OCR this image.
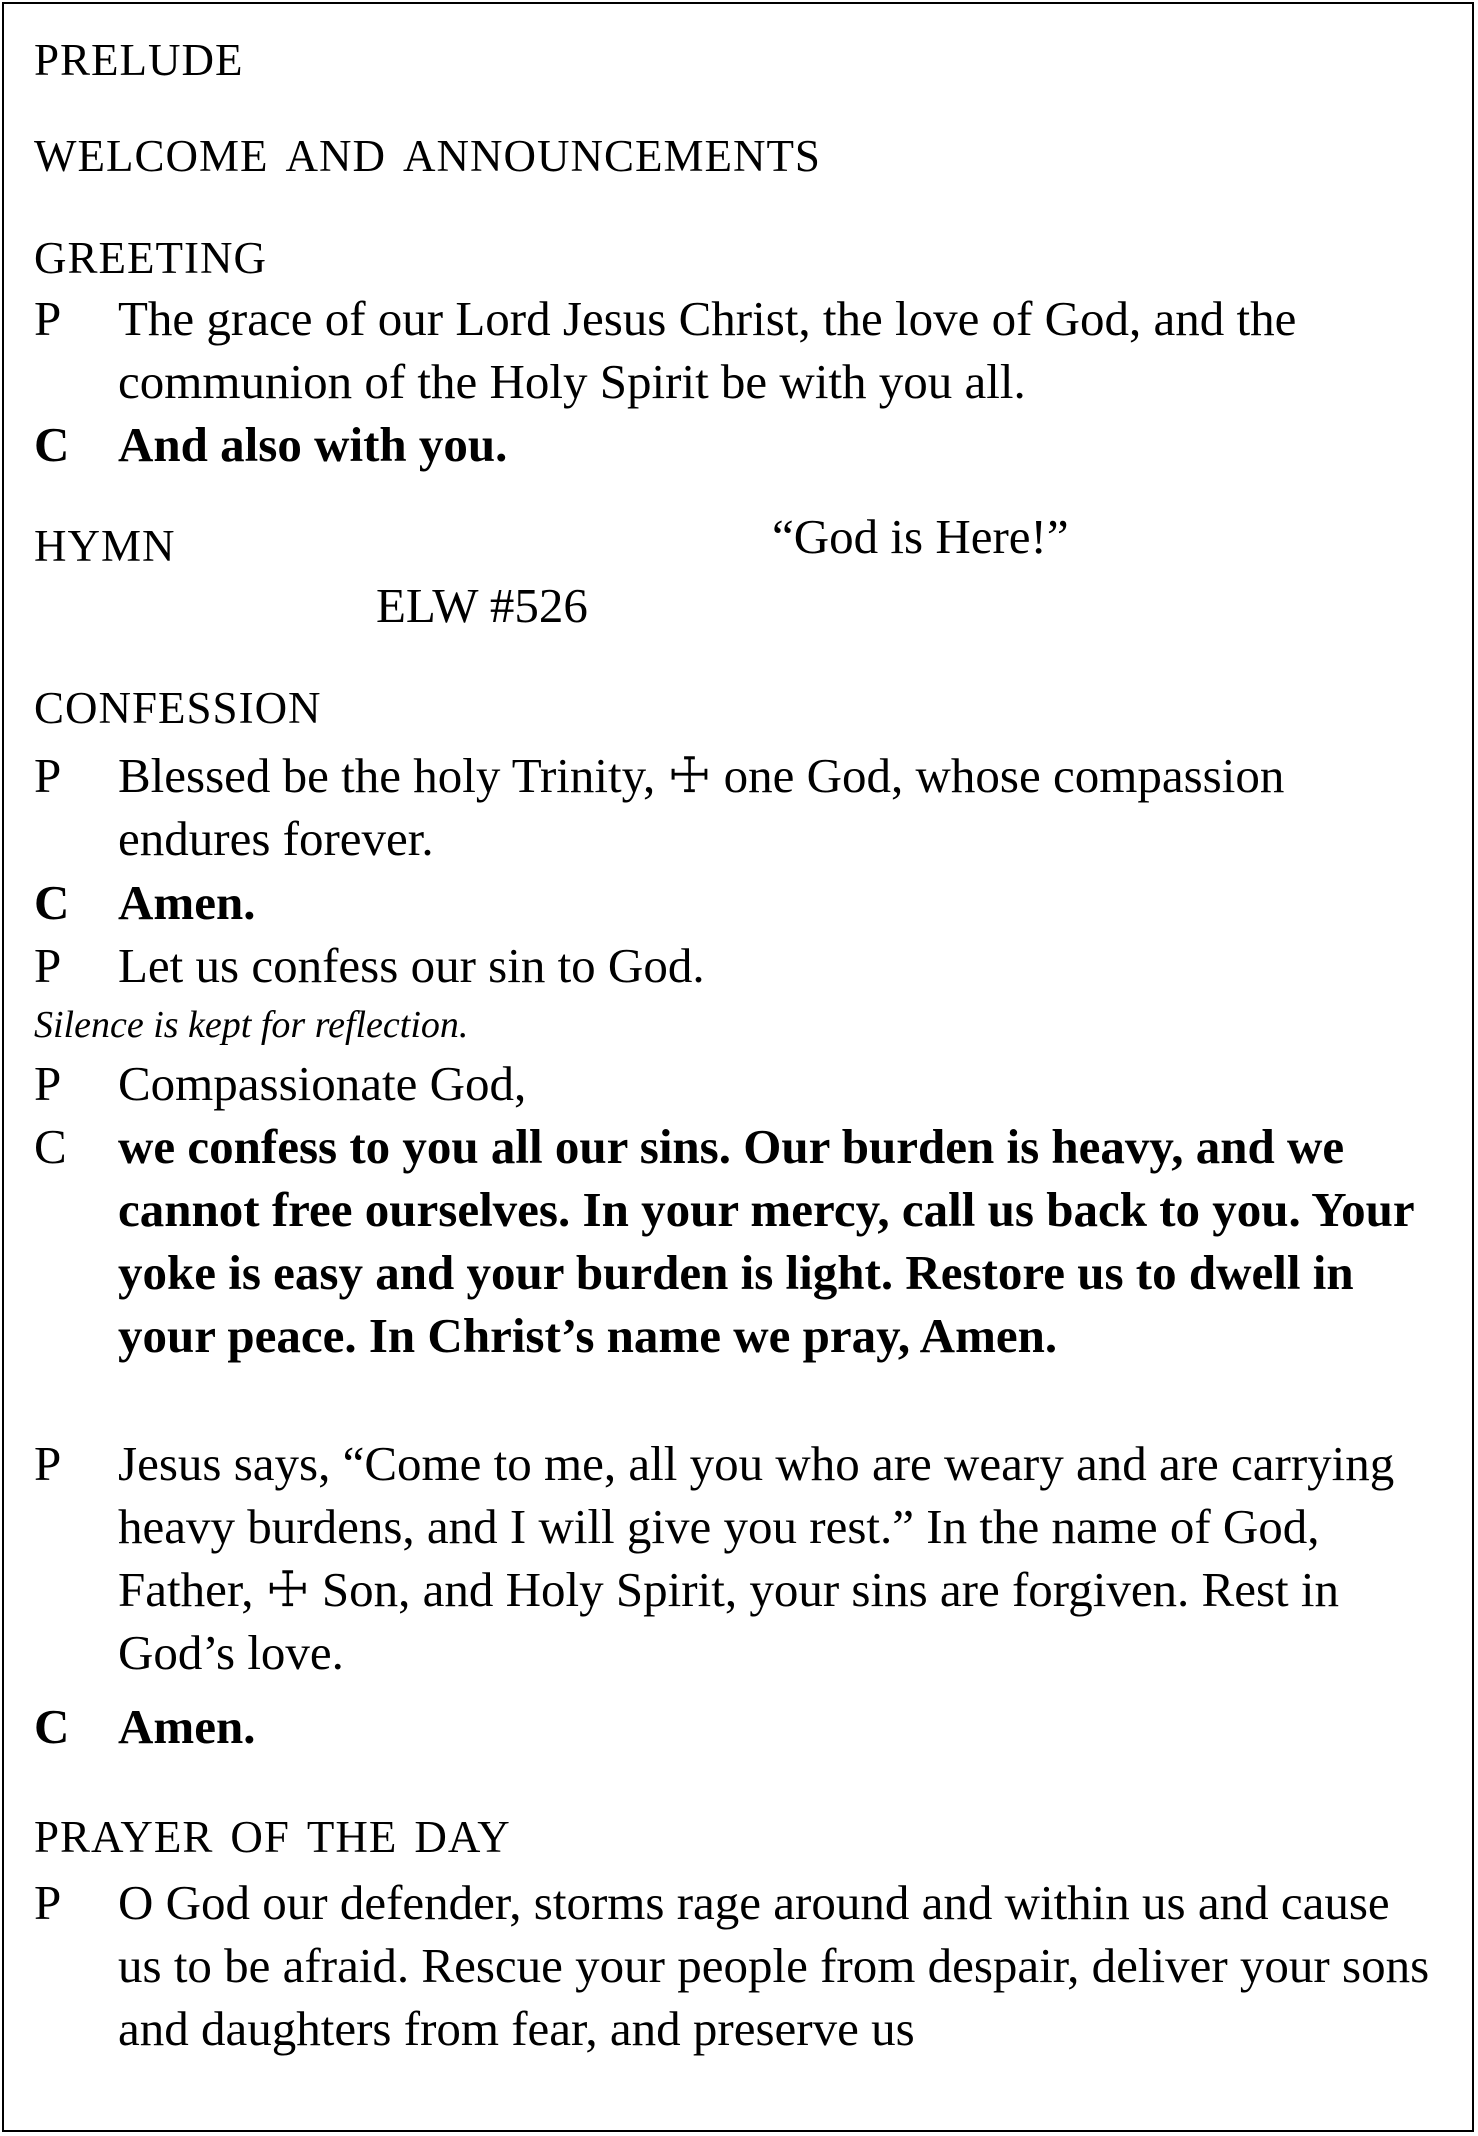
prelude
welcome and announcements
greeting
P	The grace of our Lord Jesus Christ, the love of God, and the communion of the Holy Spirit be with you all.
C And also with you.
hymn	“God is Here!”
ELW #526
confession
P	Blessed be the holy Trinity, ☩ one God, whose compassion endures forever.
C Amen.
P	Let us confess our sin to God.
Silence is kept for reflection.
P	Compassionate God,
C	we confess to you all our sins. Our burden is heavy, and we cannot free ourselves. In your mercy, call us back to you. Your yoke is easy and your burden is light. Restore us to dwell in your peace. In Christ’s name we pray, Amen.
P	Jesus says, “Come to me, all you who are weary and are carrying heavy burdens, and I will give you rest.” In the name of God, Father, ☩ Son, and Holy Spirit, your sins are forgiven. Rest in God’s love.
C Amen.
prayer of the day
P	O God our defender, storms rage around and within us and cause us to be afraid. Rescue your people from despair, deliver your sons and daughters from fear, and preserve us
